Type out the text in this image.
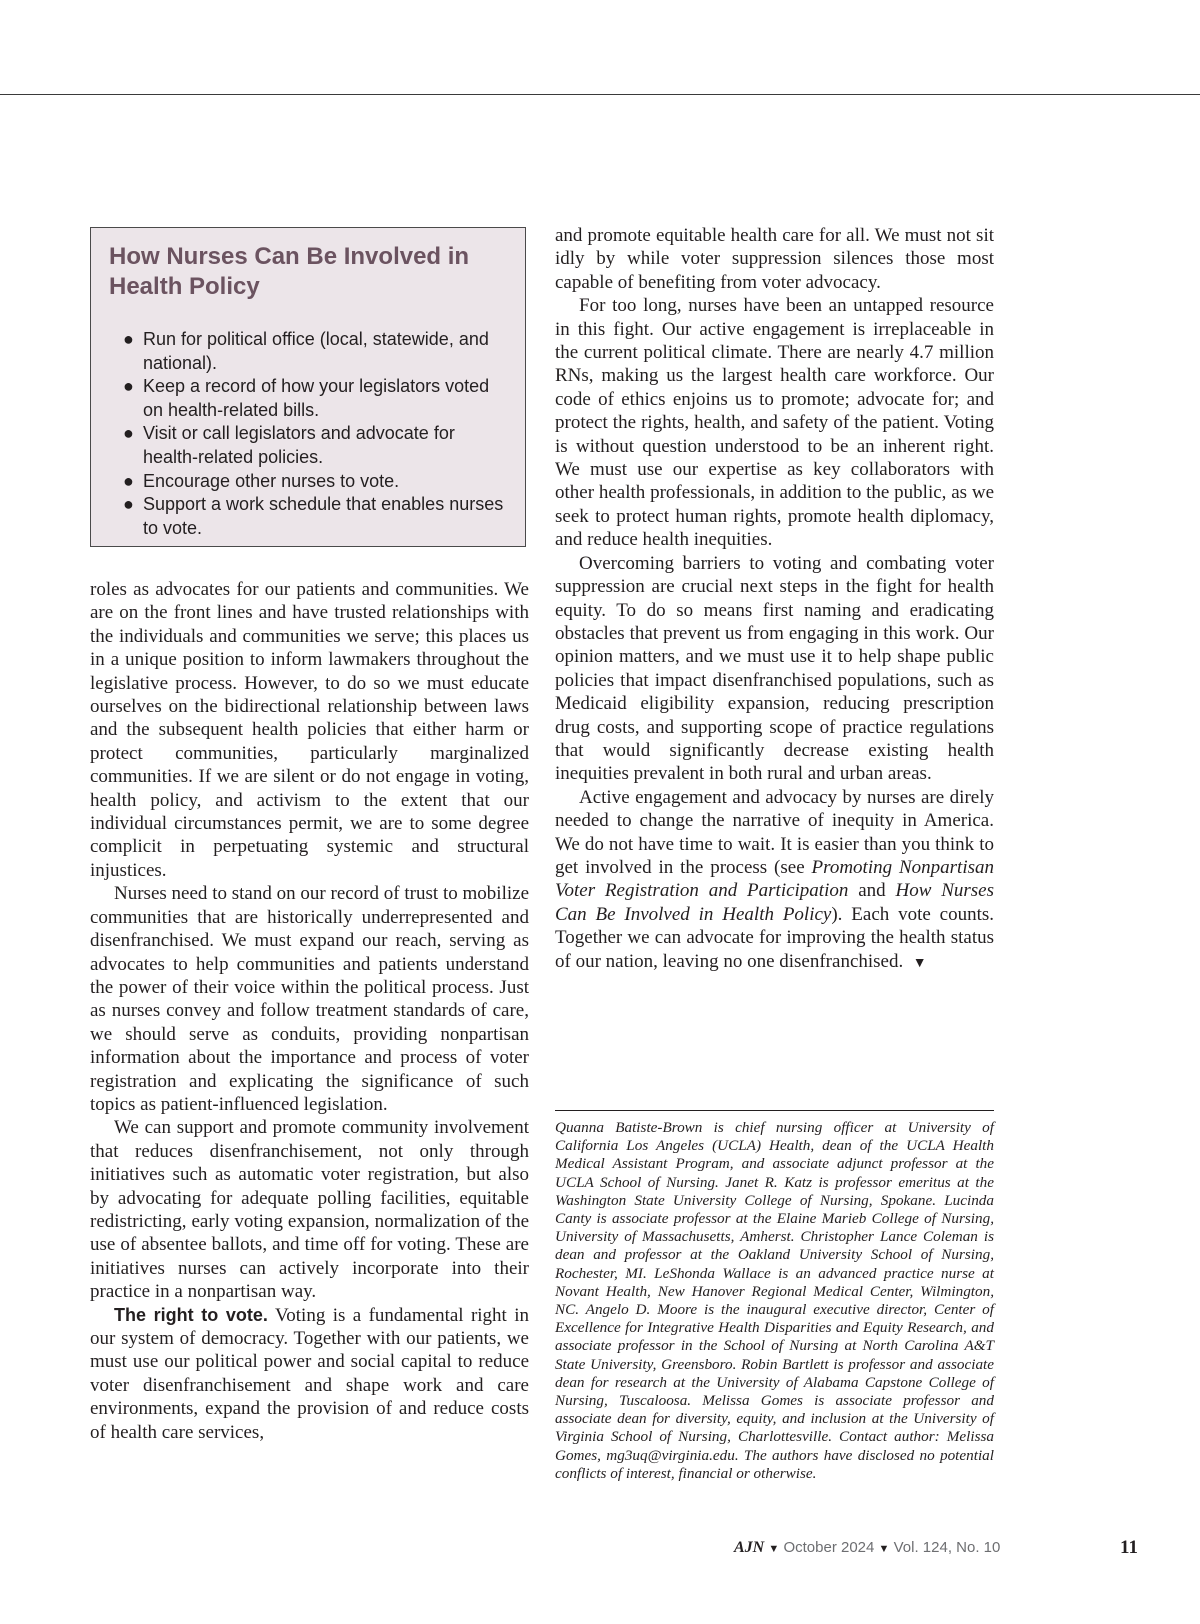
How Nurses Can Be Involved in Health Policy
● Run for political office (local, statewide, and national).
● Keep a record of how your legislators voted on health-related bills.
● Visit or call legislators and advocate for health-related policies.
● Encourage other nurses to vote.
● Support a work schedule that enables nurses to vote.

roles as advocates for our patients and communities. We are on the front lines and have trusted relationships with the individuals and communities we serve; this places us in a unique position to inform lawmakers throughout the legislative process. However, to do so we must educate ourselves on the bidirectional relationship between laws and the subsequent health policies that either harm or protect communities, particularly marginalized communities. If we are silent or do not engage in voting, health policy, and activism to the extent that our individual circumstances permit, we are to some degree complicit in perpetuating systemic and structural injustices.

Nurses need to stand on our record of trust to mobilize communities that are historically underrepresented and disenfranchised. We must expand our reach, serving as advocates to help communities and patients understand the power of their voice within the political process. Just as nurses convey and follow treatment standards of care, we should serve as conduits, providing nonpartisan information about the importance and process of voter registration and explicating the significance of such topics as patient-influenced legislation.

We can support and promote community involvement that reduces disenfranchisement, not only through initiatives such as automatic voter registration, but also by advocating for adequate polling facilities, equitable redistricting, early voting expansion, normalization of the use of absentee ballots, and time off for voting. These are initiatives nurses can actively incorporate into their practice in a nonpartisan way.

The right to vote. Voting is a fundamental right in our system of democracy. Together with our patients, we must use our political power and social capital to reduce voter disenfranchisement and shape work and care environments, expand the provision of and reduce costs of health care services,

and promote equitable health care for all. We must not sit idly by while voter suppression silences those most capable of benefiting from voter advocacy.

For too long, nurses have been an untapped resource in this fight. Our active engagement is irreplaceable in the current political climate. There are nearly 4.7 million RNs, making us the largest health care workforce. Our code of ethics enjoins us to promote; advocate for; and protect the rights, health, and safety of the patient. Voting is without question understood to be an inherent right. We must use our expertise as key collaborators with other health professionals, in addition to the public, as we seek to protect human rights, promote health diplomacy, and reduce health inequities.

Overcoming barriers to voting and combating voter suppression are crucial next steps in the fight for health equity. To do so means first naming and eradicating obstacles that prevent us from engaging in this work. Our opinion matters, and we must use it to help shape public policies that impact disenfranchised populations, such as Medicaid eligibility expansion, reducing prescription drug costs, and supporting scope of practice regulations that would significantly decrease existing health inequities prevalent in both rural and urban areas.

Active engagement and advocacy by nurses are direly needed to change the narrative of inequity in America. We do not have time to wait. It is easier than you think to get involved in the process (see Promoting Nonpartisan Voter Registration and Participation and How Nurses Can Be Involved in Health Policy). Each vote counts. Together we can advocate for improving the health status of our nation, leaving no one disenfranchised. ▼

Quanna Batiste-Brown is chief nursing officer at University of California Los Angeles (UCLA) Health, dean of the UCLA Health Medical Assistant Program, and associate adjunct professor at the UCLA School of Nursing. Janet R. Katz is professor emeritus at the Washington State University College of Nursing, Spokane. Lucinda Canty is associate professor at the Elaine Marieb College of Nursing, University of Massachusetts, Amherst. Christopher Lance Coleman is dean and professor at the Oakland University School of Nursing, Rochester, MI. LeShonda Wallace is an advanced practice nurse at Novant Health, New Hanover Regional Medical Center, Wilmington, NC. Angelo D. Moore is the inaugural executive director, Center of Excellence for Integrative Health Disparities and Equity Research, and associate professor in the School of Nursing at North Carolina A&T State University, Greensboro. Robin Bartlett is professor and associate dean for research at the University of Alabama Capstone College of Nursing, Tuscaloosa. Melissa Gomes is associate professor and associate dean for diversity, equity, and inclusion at the University of Virginia School of Nursing, Charlottesville. Contact author: Melissa Gomes, mg3uq@virginia.edu. The authors have disclosed no potential conflicts of interest, financial or otherwise.
AJN ▼ October 2024 ▼ Vol. 124, No. 10	11
